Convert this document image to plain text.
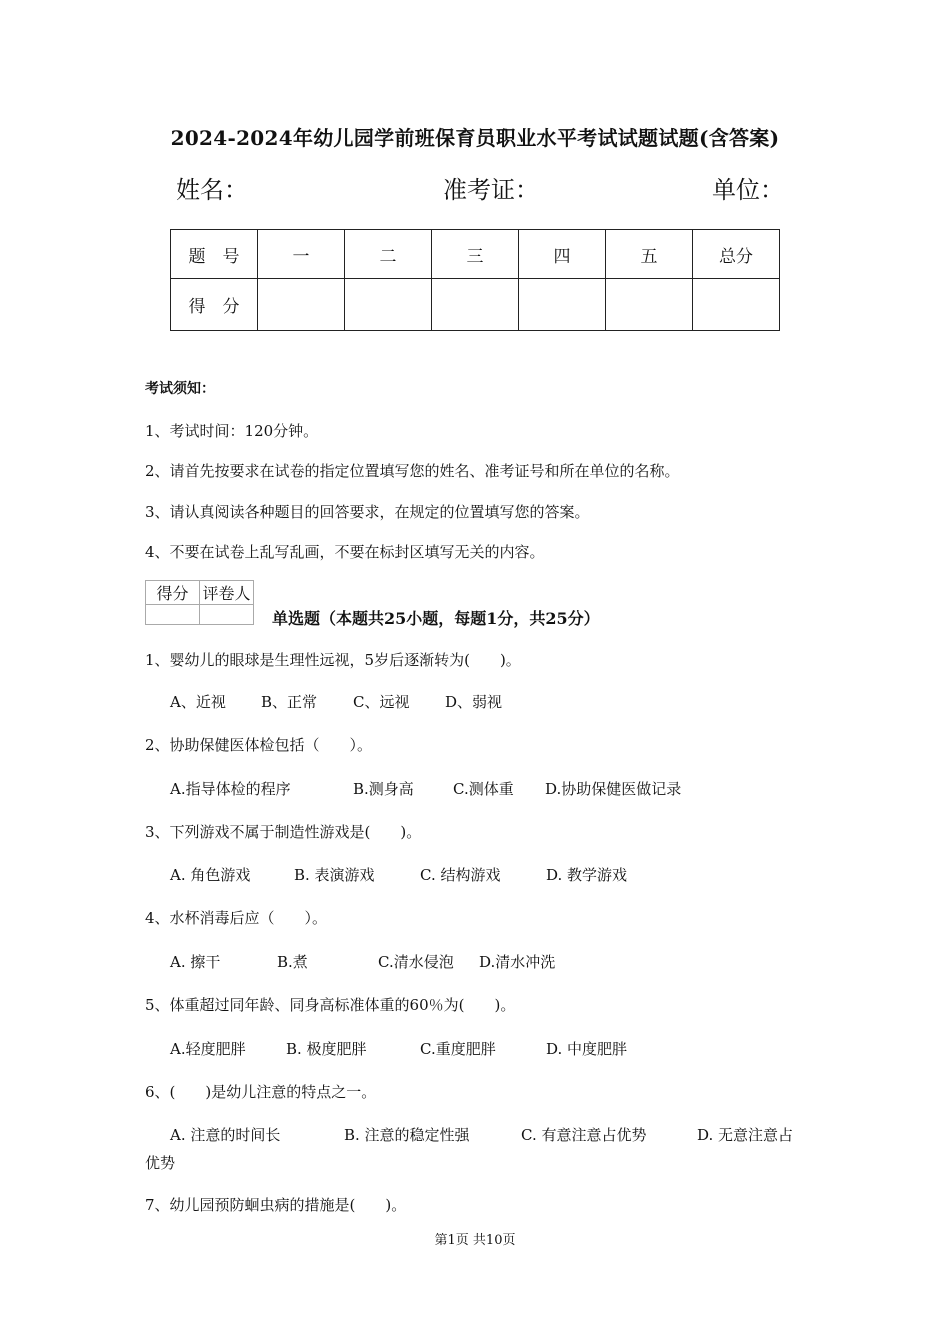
2024-2024年幼儿园学前班保育员职业水平考试试题试题(含答案)
姓名：	准考证：	单位：
题　号	一	二	三	四	五	总分
得　分						
考试须知：
1、考试时间：120分钟。
2、请首先按要求在试卷的指定位置填写您的姓名、准考证号和所在单位的名称。
3、请认真阅读各种题目的回答要求，在规定的位置填写您的答案。
4、不要在试卷上乱写乱画，不要在标封区填写无关的内容。
得分	评卷人

单选题（本题共25小题，每题1分，共25分）
1、婴幼儿的眼球是生理性远视，5岁后逐渐转为(　　)。
A、近视 B、正常 C、远视 D、弱视
2、协助保健医体检包括（　　）。
A.指导体检的程序	B.测身高	C.测体重 D.协助保健医做记录
3、下列游戏不属于制造性游戏是(　　)。
A. 角色游戏	B. 表演游戏	C. 结构游戏	D. 教学游戏
4、水杯消毒后应（　　）。
A. 擦干	B.煮	C.清水侵泡 D.清水冲洗
5、体重超过同年龄、同身高标准体重的60％为(　　)。
A.轻度肥胖	B. 极度肥胖	C.重度肥胖	D. 中度肥胖
6、(　　)是幼儿注意的特点之一。
A. 注意的时间长	B. 注意的稳定性强	C. 有意注意占优势	D. 无意注意占
优势
7、幼儿园预防蛔虫病的措施是(　　)。
第1页 共10页
